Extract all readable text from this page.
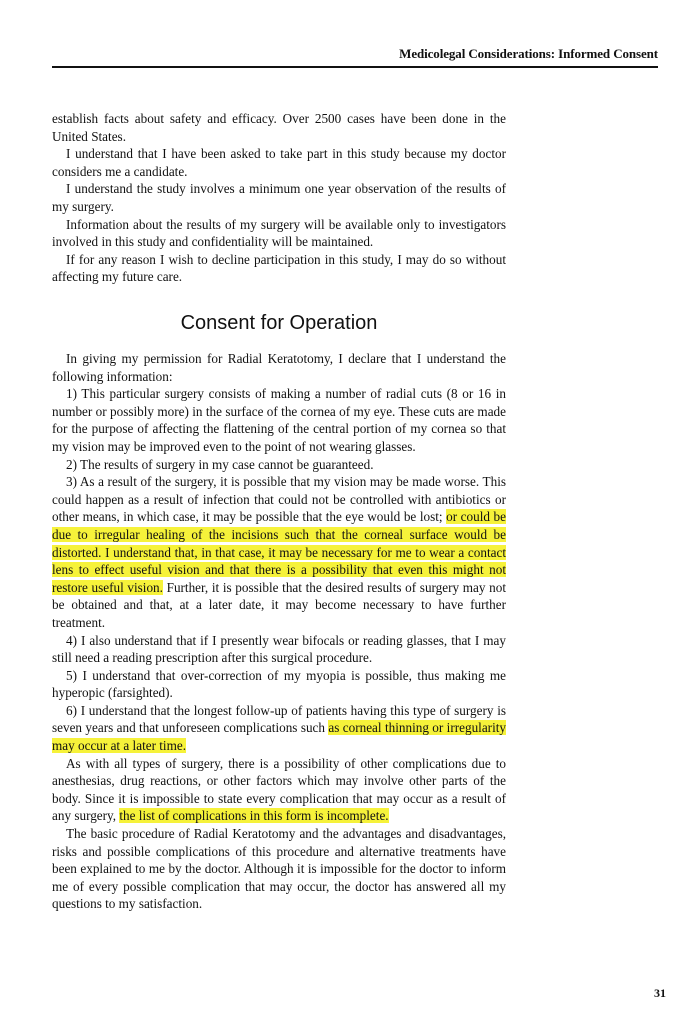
Medicolegal Considerations: Informed Consent

establish facts about safety and efficacy. Over 2500 cases have been done in the United States.

I understand that I have been asked to take part in this study because my doctor considers me a candidate.

I understand the study involves a minimum one year observation of the results of my surgery.

Information about the results of my surgery will be available only to investigators involved in this study and confidentiality will be maintained.

If for any reason I wish to decline participation in this study, I may do so without affecting my future care.

Consent for Operation

In giving my permission for Radial Keratotomy, I declare that I understand the following information:

1) This particular surgery consists of making a number of radial cuts (8 or 16 in number or possibly more) in the surface of the cornea of my eye. These cuts are made for the purpose of affecting the flattening of the central portion of my cornea so that my vision may be improved even to the point of not wearing glasses.

2) The results of surgery in my case cannot be guaranteed.

3) As a result of the surgery, it is possible that my vision may be made worse. This could happen as a result of infection that could not be controlled with antibiotics or other means, in which case, it may be possible that the eye would be lost; or could be due to irregular healing of the incisions such that the corneal surface would be distorted. I understand that, in that case, it may be necessary for me to wear a contact lens to effect useful vision and that there is a possibility that even this might not restore useful vision. Further, it is possible that the desired results of surgery may not be obtained and that, at a later date, it may become necessary to have further treatment.

4) I also understand that if I presently wear bifocals or reading glasses, that I may still need a reading prescription after this surgical procedure.

5) I understand that over-correction of my myopia is possible, thus making me hyperopic (farsighted).

6) I understand that the longest follow-up of patients having this type of surgery is seven years and that unforeseen complications such as corneal thinning or irregularity may occur at a later time.

As with all types of surgery, there is a possibility of other complications due to anesthesias, drug reactions, or other factors which may involve other parts of the body. Since it is impossible to state every complication that may occur as a result of any surgery, the list of complications in this form is incomplete.

The basic procedure of Radial Keratotomy and the advantages and disadvantages, risks and possible complications of this procedure and alternative treatments have been explained to me by the doctor. Although it is impossible for the doctor to inform me of every possible complication that may occur, the doctor has answered all my questions to my satisfaction.

31
